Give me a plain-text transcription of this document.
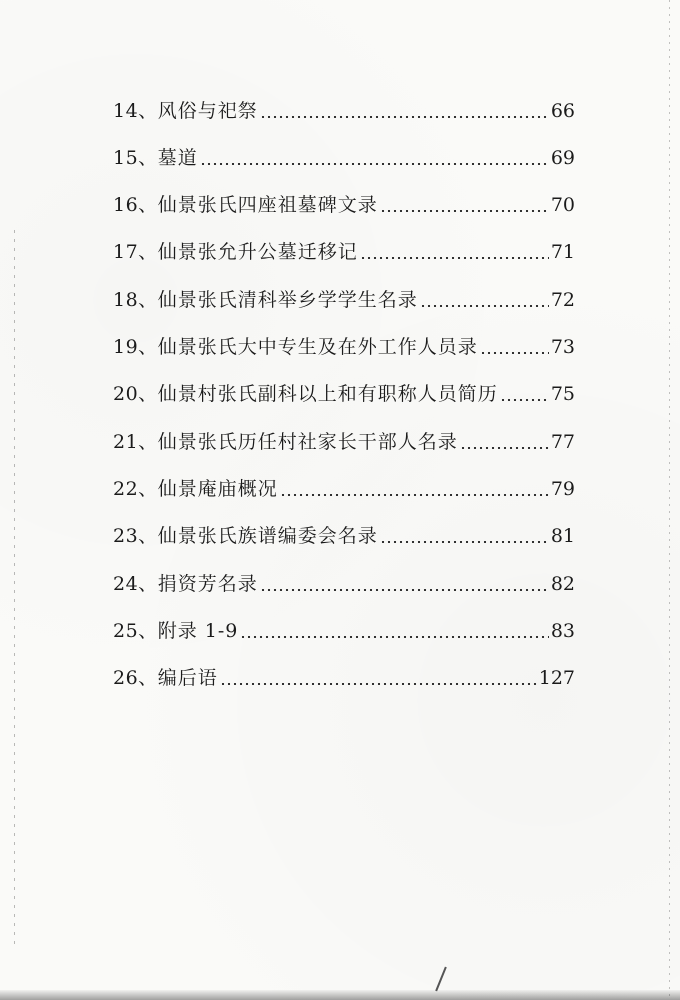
14、 风俗与祀祭	66
15、 墓道	69
16、 仙景张氏四座祖墓碑文录	70
17、 仙景张允升公墓迁移记	71
18、 仙景张氏清科举乡学学生名录	72
19、 仙景张氏大中专生及在外工作人员录	73
20、 仙景村张氏副科以上和有职称人员简历	75
21、 仙景张氏历任村社家长干部人名录	77
22、 仙景庵庙概况	79
23、 仙景张氏族谱编委会名录	81
24、 捐资芳名录	82
25、 附录 1-9	83
26、 编后语	127
